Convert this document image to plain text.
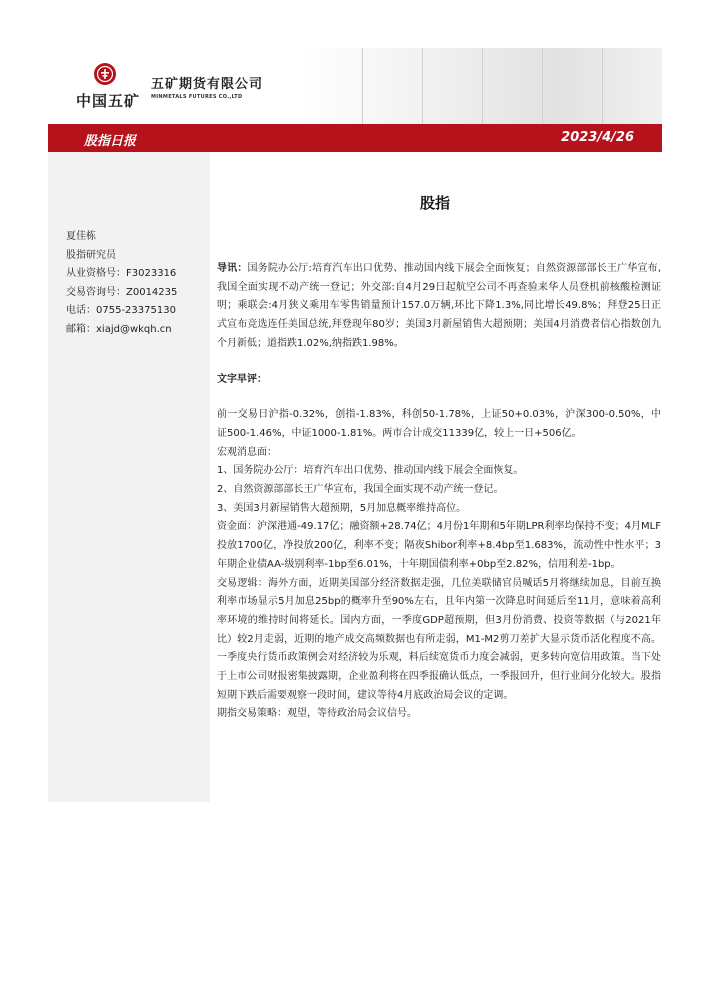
中国五矿
五矿期货有限公司
MINMETALS FUTURES CO.,LTD
股指日报	2023/4/26
夏佳栋
股指研究员
从业资格号：F3023316
交易咨询号：Z0014235
电话：0755-23375130
邮箱：xiajd@wkqh.cn
股指

导讯：国务院办公厅:培育汽车出口优势、推动国内线下展会全面恢复；自然资源部部长王广华宣布,我国全面实现不动产统一登记；外交部:自4月29日起航空公司不再查验来华人员登机前核酸检测证明；乘联会:4月狭义乘用车零售销量预计157.0万辆,环比下降1.3%,同比增长49.8%；拜登25日正式宣布竞选连任美国总统,拜登现年80岁；美国3月新屋销售大超预期；美国4月消费者信心指数创九个月新低；道指跌1.02%,纳指跌1.98%。

文字早评：

前一交易日沪指-0.32%，创指-1.83%，科创50-1.78%，上证50+0.03%，沪深300-0.50%，中证500-1.46%，中证1000-1.81%。两市合计成交11339亿，较上一日+506亿。

宏观消息面：

1、国务院办公厅：培育汽车出口优势、推动国内线下展会全面恢复。

2、自然资源部部长王广华宣布，我国全面实现不动产统一登记。

3、美国3月新屋销售大超预期，5月加息概率维持高位。

资金面：沪深港通-49.17亿；融资额+28.74亿；4月份1年期和5年期LPR利率均保持不变；4月MLF投放1700亿，净投放200亿，利率不变；隔夜Shibor利率+8.4bp至1.683%，流动性中性水平；3年期企业债AA-级别利率-1bp至6.01%，十年期国债利率+0bp至2.82%，信用利差-1bp。

交易逻辑：海外方面，近期美国部分经济数据走强，几位美联储官员喊话5月将继续加息，目前互换利率市场显示5月加息25bp的概率升至90%左右，且年内第一次降息时间延后至11月，意味着高利率环境的维持时间将延长。国内方面，一季度GDP超预期，但3月份消费、投资等数据（与2021年比）较2月走弱，近期的地产成交高频数据也有所走弱，M1-M2剪刀差扩大显示货币活化程度不高。一季度央行货币政策例会对经济较为乐观，料后续宽货币力度会减弱，更多转向宽信用政策。当下处于上市公司财报密集披露期，企业盈利将在四季报确认低点，一季报回升，但行业间分化较大。股指短期下跌后需要观察一段时间，建议等待4月底政治局会议的定调。

期指交易策略：观望，等待政治局会议信号。
